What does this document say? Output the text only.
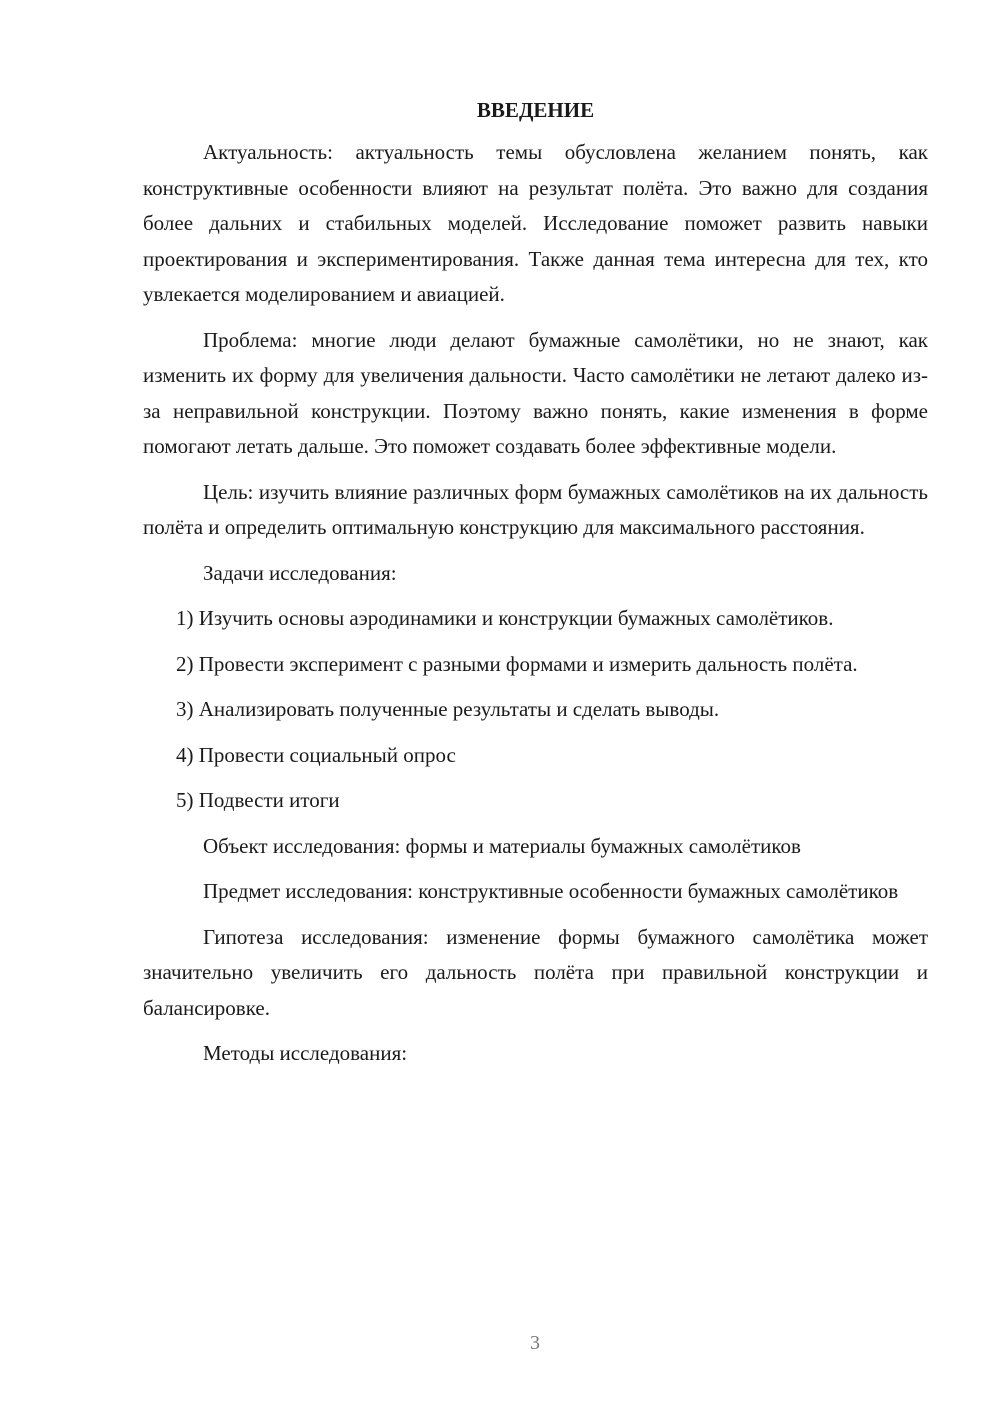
ВВЕДЕНИЕ

Актуальность: актуальность темы обусловлена желанием понять, как конструктивные особенности влияют на результат полёта. Это важно для создания более дальних и стабильных моделей. Исследование поможет развить навыки проектирования и экспериментирования. Также данная тема интересна для тех, кто увлекается моделированием и авиацией.

Проблема: многие люди делают бумажные самолётики, но не знают, как изменить их форму для увеличения дальности. Часто самолётики не летают далеко из-за неправильной конструкции. Поэтому важно понять, какие изменения в форме помогают летать дальше. Это поможет создавать более эффективные модели.

Цель: изучить влияние различных форм бумажных самолётиков на их дальность полёта и определить оптимальную конструкцию для максимального расстояния.

Задачи исследования:

1) Изучить основы аэродинамики и конструкции бумажных самолётиков.

2) Провести эксперимент с разными формами и измерить дальность полёта.

3) Анализировать полученные результаты и сделать выводы.

4) Провести социальный опрос

5) Подвести итоги

Объект исследования: формы и материалы бумажных самолётиков

Предмет исследования: конструктивные особенности бумажных самолётиков

Гипотеза исследования: изменение формы бумажного самолётика может значительно увеличить его дальность полёта при правильной конструкции и балансировке.

Методы исследования:

3
